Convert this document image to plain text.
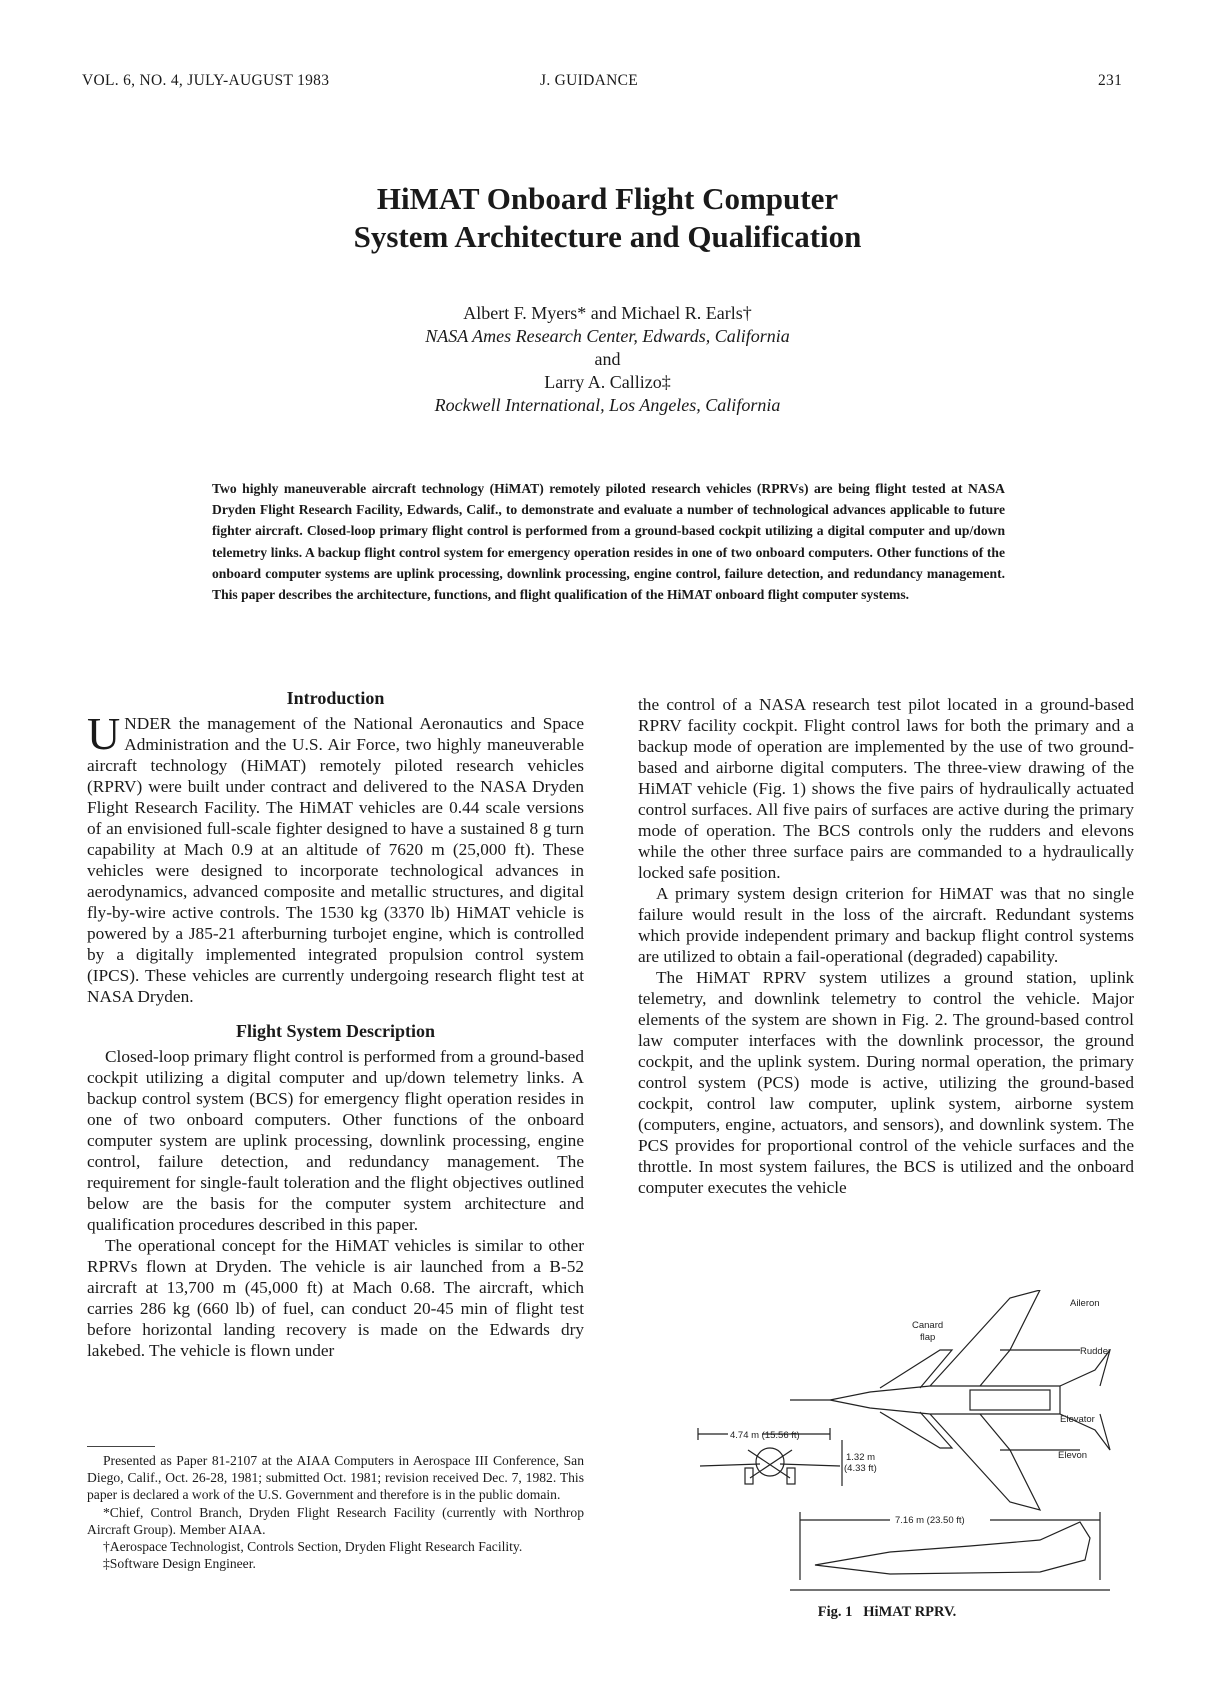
VOL. 6, NO. 4, JULY-AUGUST 1983	J. GUIDANCE	231
HiMAT Onboard Flight Computer
System Architecture and Qualification
Albert F. Myers* and Michael R. Earls†
NASA Ames Research Center, Edwards, California
and
Larry A. Callizo‡
Rockwell International, Los Angeles, California
Two highly maneuverable aircraft technology (HiMAT) remotely piloted research vehicles (RPRVs) are being flight tested at NASA Dryden Flight Research Facility, Edwards, Calif., to demonstrate and evaluate a number of technological advances applicable to future fighter aircraft. Closed-loop primary flight control is performed from a ground-based cockpit utilizing a digital computer and up/down telemetry links. A backup flight control system for emergency operation resides in one of two onboard computers. Other functions of the onboard computer systems are uplink processing, downlink processing, engine control, failure detection, and redundancy management. This paper describes the architecture, functions, and flight qualification of the HiMAT onboard flight computer systems.
Introduction

UNDER the management of the National Aeronautics and Space Administration and the U.S. Air Force, two highly maneuverable aircraft technology (HiMAT) remotely piloted research vehicles (RPRV) were built under contract and delivered to the NASA Dryden Flight Research Facility. The HiMAT vehicles are 0.44 scale versions of an envisioned full-scale fighter designed to have a sustained 8 g turn capability at Mach 0.9 at an altitude of 7620 m (25,000 ft). These vehicles were designed to incorporate technological advances in aerodynamics, advanced composite and metallic structures, and digital fly-by-wire active controls. The 1530 kg (3370 lb) HiMAT vehicle is powered by a J85-21 afterburning turbojet engine, which is controlled by a digitally implemented integrated propulsion control system (IPCS). These vehicles are currently undergoing research flight test at NASA Dryden.

Flight System Description

Closed-loop primary flight control is performed from a ground-based cockpit utilizing a digital computer and up/down telemetry links. A backup control system (BCS) for emergency flight operation resides in one of two onboard computers. Other functions of the onboard computer system are uplink processing, downlink processing, engine control, failure detection, and redundancy management. The requirement for single-fault toleration and the flight objectives outlined below are the basis for the computer system architecture and qualification procedures described in this paper.

The operational concept for the HiMAT vehicles is similar to other RPRVs flown at Dryden. The vehicle is air launched from a B-52 aircraft at 13,700 m (45,000 ft) at Mach 0.68. The aircraft, which carries 286 kg (660 lb) of fuel, can conduct 20-45 min of flight test before horizontal landing recovery is made on the Edwards dry lakebed. The vehicle is flown under

the control of a NASA research test pilot located in a ground-based RPRV facility cockpit. Flight control laws for both the primary and a backup mode of operation are implemented by the use of two ground-based and airborne digital computers. The three-view drawing of the HiMAT vehicle (Fig. 1) shows the five pairs of hydraulically actuated control surfaces. All five pairs of surfaces are active during the primary mode of operation. The BCS controls only the rudders and elevons while the other three surface pairs are commanded to a hydraulically locked safe position.

A primary system design criterion for HiMAT was that no single failure would result in the loss of the aircraft. Redundant systems which provide independent primary and backup flight control systems are utilized to obtain a fail-operational (degraded) capability.

The HiMAT RPRV system utilizes a ground station, uplink telemetry, and downlink telemetry to control the vehicle. Major elements of the system are shown in Fig. 2. The ground-based control law computer interfaces with the downlink processor, the ground cockpit, and the uplink system. During normal operation, the primary control system (PCS) mode is active, utilizing the ground-based cockpit, control law computer, uplink system, airborne system (computers, engine, actuators, and sensors), and downlink system. The PCS provides for proportional control of the vehicle surfaces and the throttle. In most system failures, the BCS is utilized and the onboard computer executes the vehicle

Presented as Paper 81-2107 at the AIAA Computers in Aerospace III Conference, San Diego, Calif., Oct. 26-28, 1981; submitted Oct. 1981; revision received Dec. 7, 1982. This paper is declared a work of the U.S. Government and therefore is in the public domain.

*Chief, Control Branch, Dryden Flight Research Facility (currently with Northrop Aircraft Group). Member AIAA.

†Aerospace Technologist, Controls Section, Dryden Flight Research Facility.

‡Software Design Engineer.

Canard
flap
Aileron
Rudder
Elevator
Elevon
4.74 m (15.56 ft)
1.32 m
(4.33 ft)
7.16 m (23.50 ft)
Fig. 1   HiMAT RPRV.
